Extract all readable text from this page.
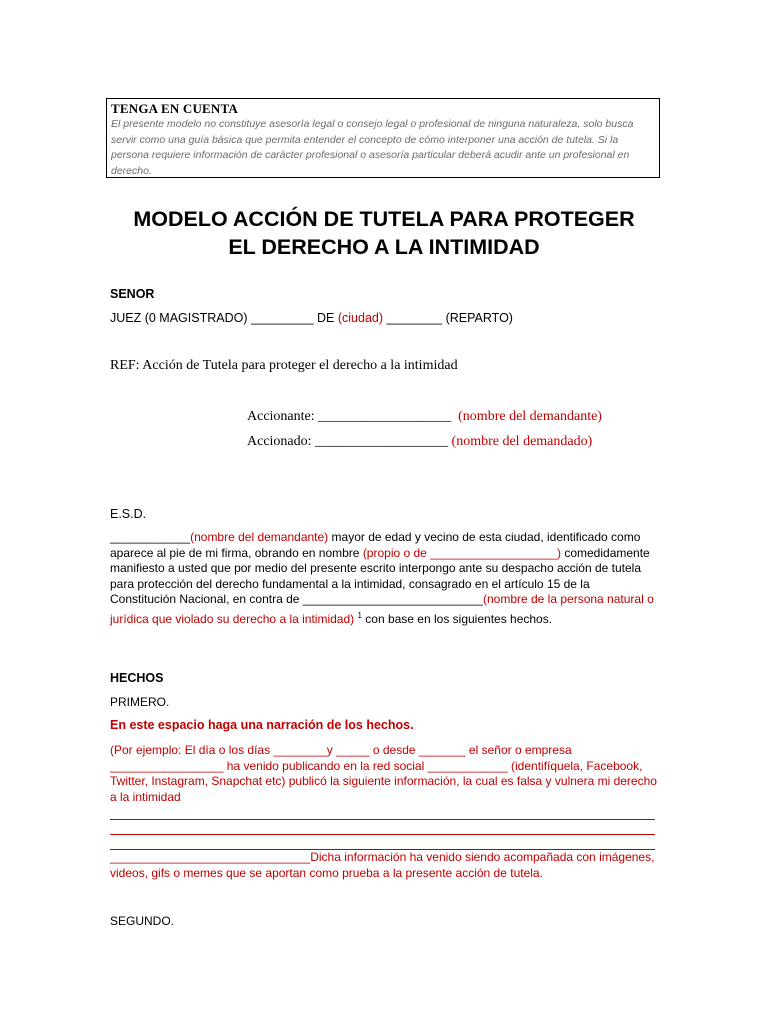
TENGA EN CUENTA
El presente modelo no constituye asesoría legal o consejo legal o profesional de ninguna naturaleza, solo busca servir como una guía básica que permita entender el concepto de cómo interponer una acción de tutela. Si la persona requiere información de carácter profesional o asesoría particular deberá acudir ante un profesional en derecho.
MODELO ACCIÓN DE TUTELA PARA PROTEGER
EL DERECHO A LA INTIMIDAD
SENOR
JUEZ (0 MAGISTRADO) _________ DE (ciudad) ________ (REPARTO)
REF: Acción de Tutela para proteger el derecho a la intimidad
Accionante: ___________________ (nombre del demandante)
Accionado: ___________________ (nombre del demandado)
E.S.D.
____________(nombre del demandante) mayor de edad y vecino de esta ciudad, identificado como aparece al pie de mi firma, obrando en nombre (propio o de ___________________) comedidamente manifiesto a usted que por medio del presente escrito interpongo ante su despacho acción de tutela para protección del derecho fundamental a la intimidad, consagrado en el artículo 15 de la Constitución Nacional, en contra de ___________________________(nombre de la persona natural o jurídica que violado su derecho a la intimidad) $^1$ con base en los siguientes hechos.
HECHOS
PRIMERO.
En este espacio haga una narración de los hechos.
(Por ejemplo: El día o los días ________y _____ o desde _______ el señor o empresa _________________ ha venido publicando en la red social ____________ (identifíquela, Facebook, Twitter, Instagram, Snapchat etc) publicó la siguiente información, la cual es falsa y vulnera mi derecho a la intimidad
______________________________Dicha información ha venido siendo acompañada con imágenes, videos, gifs o memes que se aportan como prueba a la presente acción de tutela.
SEGUNDO.
